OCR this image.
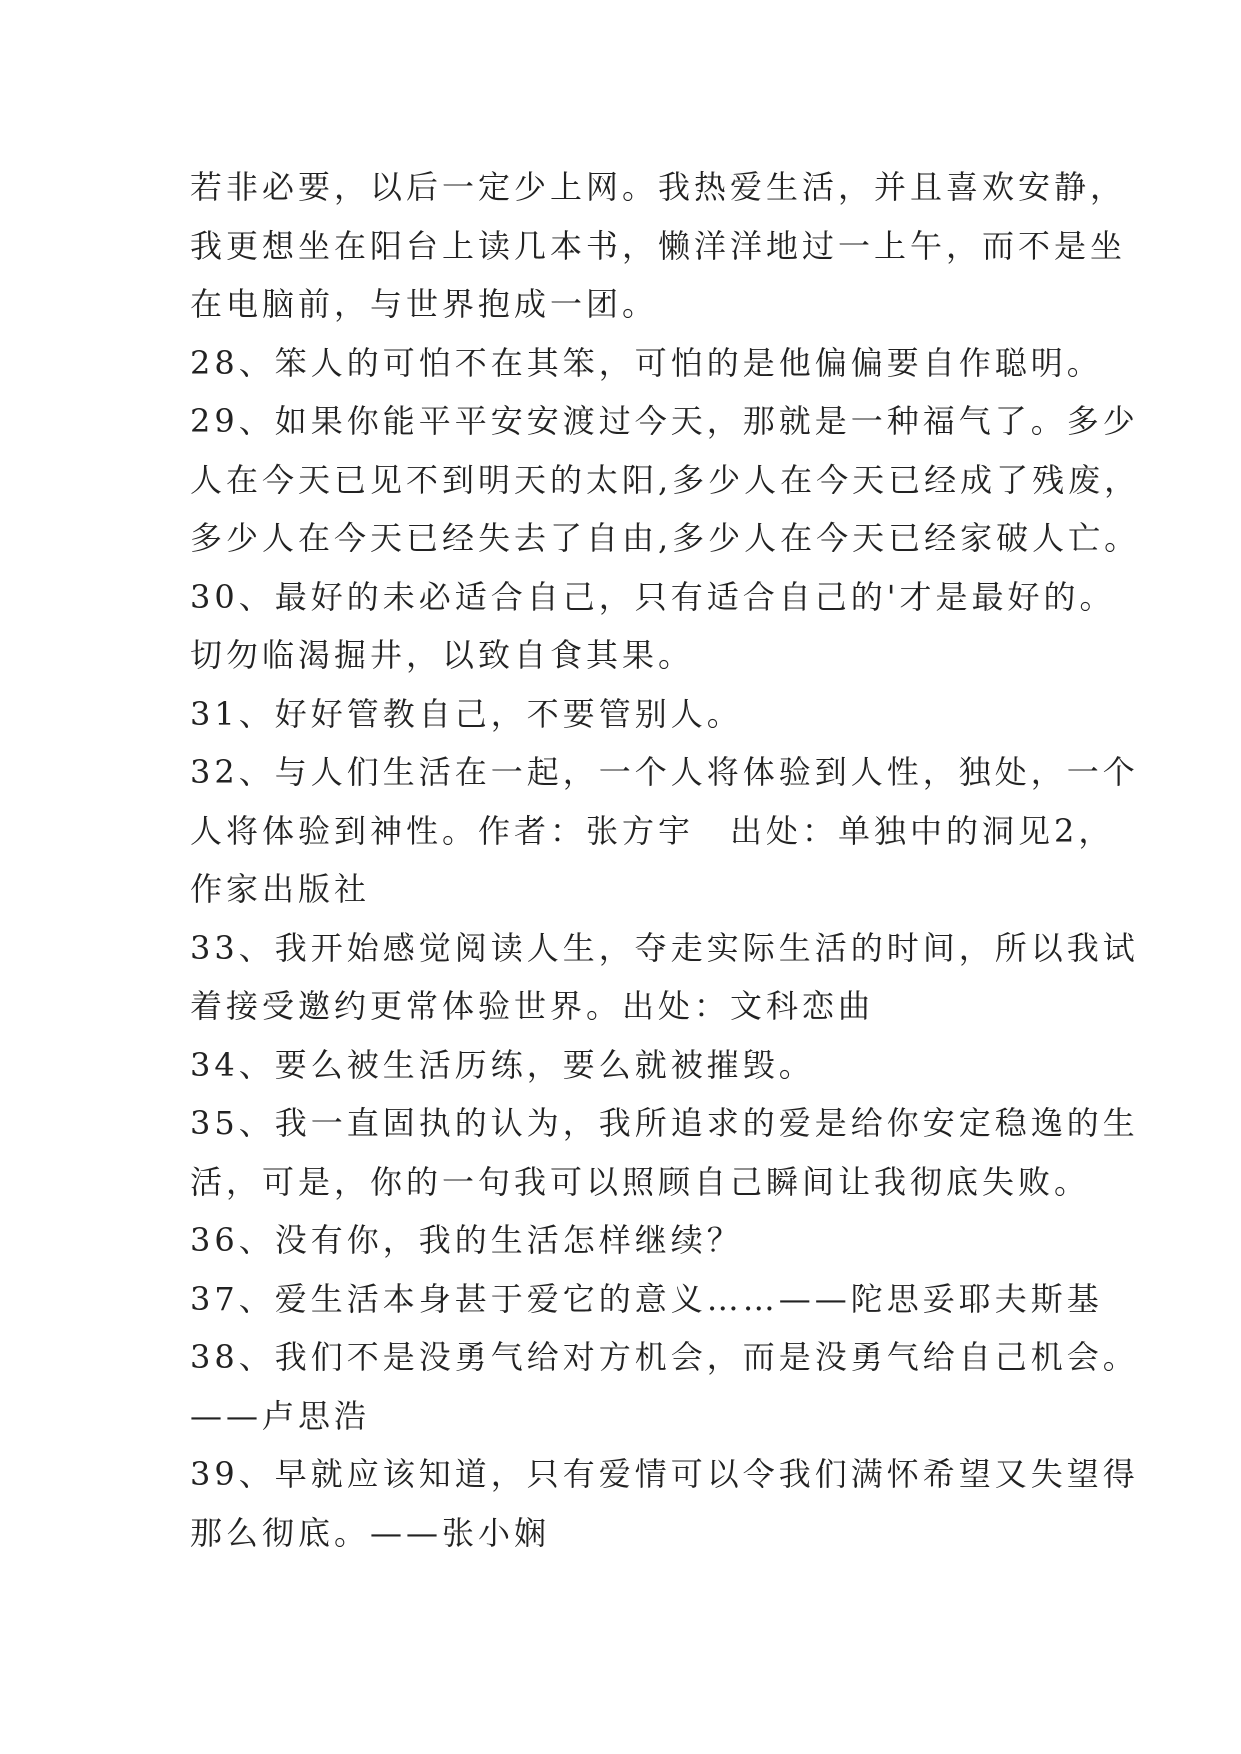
若非必要，以后一定少上网。我热爱生活，并且喜欢安静，
我更想坐在阳台上读几本书，懒洋洋地过一上午，而不是坐
在电脑前，与世界抱成一团。
28、笨人的可怕不在其笨，可怕的是他偏偏要自作聪明。
29、如果你能平平安安渡过今天，那就是一种福气了。多少
人在今天已见不到明天的太阳,多少人在今天已经成了残废，
多少人在今天已经失去了自由,多少人在今天已经家破人亡。
30、最好的未必适合自己，只有适合自己的'才是最好的。
切勿临渴掘井，以致自食其果。
31、好好管教自己，不要管别人。
32、与人们生活在一起，一个人将体验到人性，独处，一个
人将体验到神性。作者：张方宇　出处：单独中的洞见2，
作家出版社
33、我开始感觉阅读人生，夺走实际生活的时间，所以我试
着接受邀约更常体验世界。出处：文科恋曲
34、要么被生活历练，要么就被摧毁。
35、我一直固执的认为，我所追求的爱是给你安定稳逸的生
活，可是，你的一句我可以照顾自己瞬间让我彻底失败。
36、没有你，我的生活怎样继续？
37、爱生活本身甚于爱它的意义……——陀思妥耶夫斯基
38、我们不是没勇气给对方机会，而是没勇气给自己机会。
——卢思浩
39、早就应该知道，只有爱情可以令我们满怀希望又失望得
那么彻底。——张小娴
